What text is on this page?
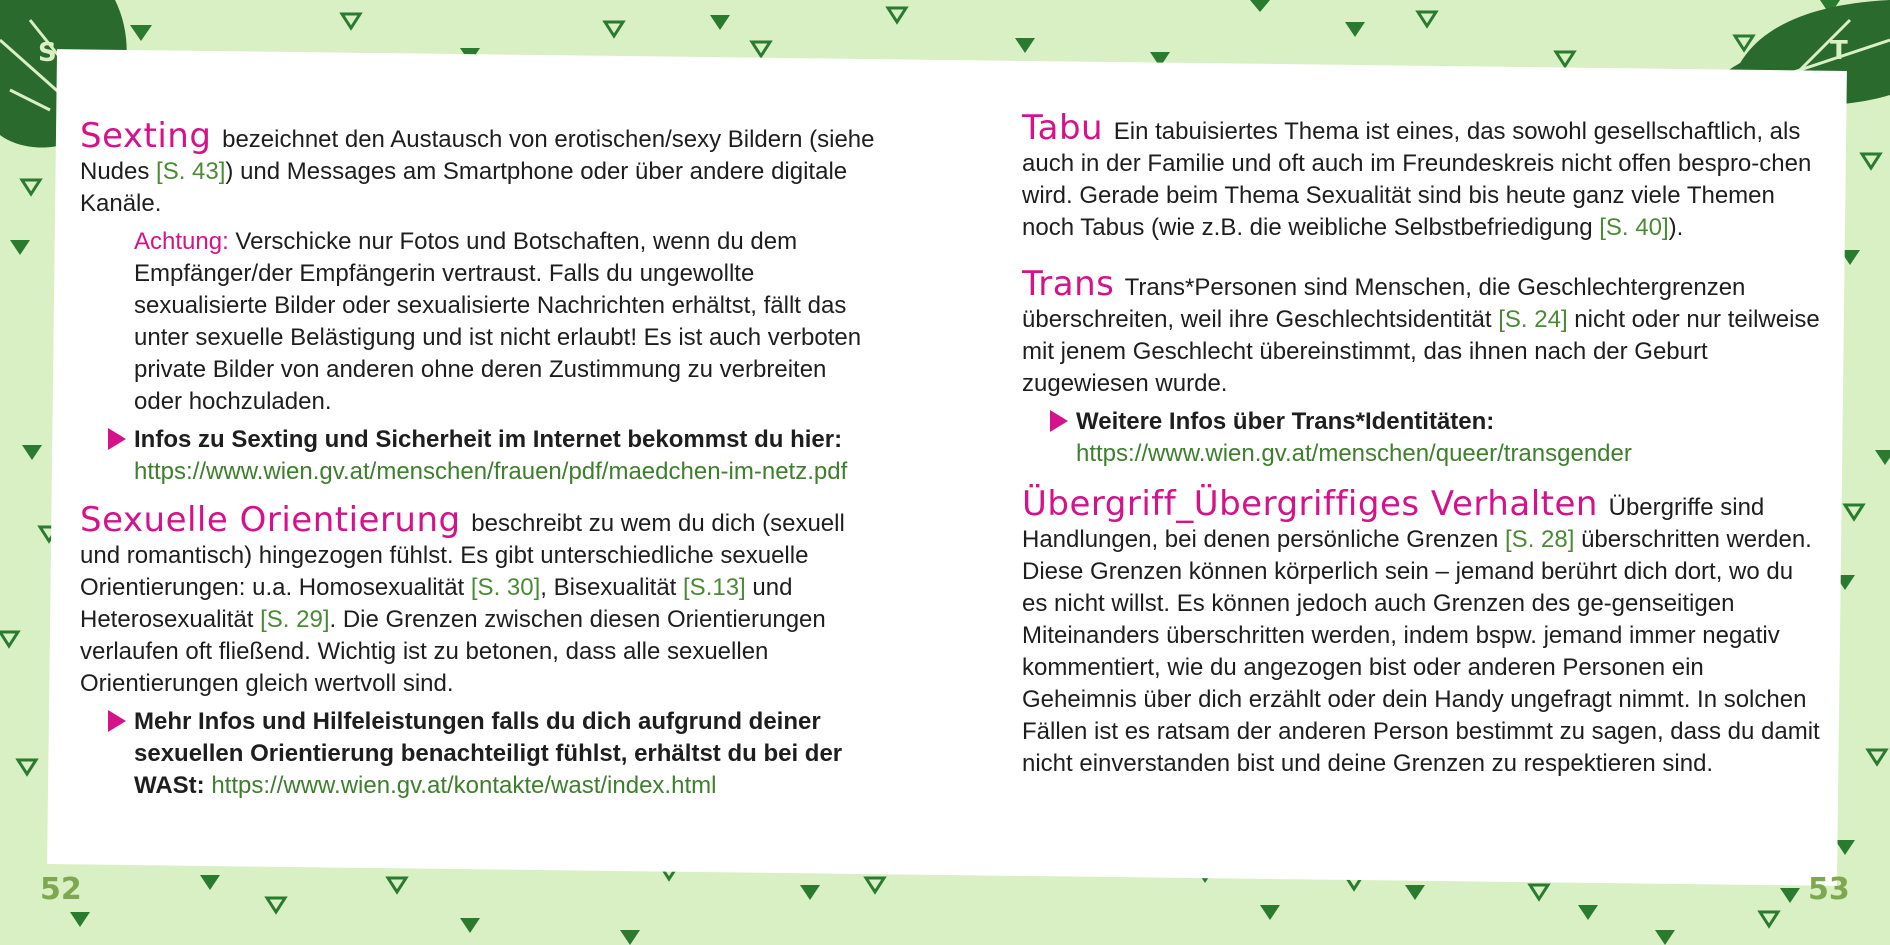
S	T
Sexting bezeichnet den Austausch von erotischen/sexy Bildern (siehe Nudes [S. 43]) und Messages am Smartphone oder über andere digitale Kanäle.
Achtung: Verschicke nur Fotos und Botschaften, wenn du dem Empfänger/der Empfängerin vertraust. Falls du ungewollte sexualisierte Bilder oder sexualisierte Nachrichten erhältst, fällt das unter sexuelle Belästigung und ist nicht erlaubt! Es ist auch verboten private Bilder von anderen ohne deren Zustimmung zu verbreiten oder hochzuladen.
Infos zu Sexting und Sicherheit im Internet bekommst du hier:
https://www.wien.gv.at/menschen/frauen/pdf/maedchen-im-netz.pdf
Sexuelle Orientierung beschreibt zu wem du dich (sexuell und romantisch) hingezogen fühlst. Es gibt unterschiedliche sexuelle Orientierungen: u.a. Homosexualität [S. 30], Bisexualität [S.13] und Heterosexualität [S. 29]. Die Grenzen zwischen diesen Orientierungen verlaufen oft fließend. Wichtig ist zu betonen, dass alle sexuellen Orientierungen gleich wertvoll sind.
Mehr Infos und Hilfeleistungen falls du dich aufgrund deiner sexuellen Orientierung benachteiligt fühlst, erhältst du bei der WASt: https://www.wien.gv.at/kontakte/wast/index.html
Tabu Ein tabuisiertes Thema ist eines, das sowohl gesellschaftlich, als auch in der Familie und oft auch im Freundeskreis nicht offen bespro-chen wird. Gerade beim Thema Sexualität sind bis heute ganz viele Themen noch Tabus (wie z.B. die weibliche Selbstbefriedigung [S. 40]).
Trans Trans*Personen sind Menschen, die Geschlechtergrenzen überschreiten, weil ihre Geschlechtsidentität [S. 24] nicht oder nur teilweise mit jenem Geschlecht übereinstimmt, das ihnen nach der Geburt zugewiesen wurde.
Weitere Infos über Trans*Identitäten:
https://www.wien.gv.at/menschen/queer/transgender
Übergriff_Übergriffiges Verhalten Übergriffe sind Handlungen, bei denen persönliche Grenzen [S. 28] überschritten werden. Diese Grenzen können körperlich sein – jemand berührt dich dort, wo du es nicht willst. Es können jedoch auch Grenzen des ge-genseitigen Miteinanders überschritten werden, indem bspw. jemand immer negativ kommentiert, wie du angezogen bist oder anderen Personen ein Geheimnis über dich erzählt oder dein Handy ungefragt nimmt. In solchen Fällen ist es ratsam der anderen Person bestimmt zu sagen, dass du damit nicht einverstanden bist und deine Grenzen zu respektieren sind.
52	53
